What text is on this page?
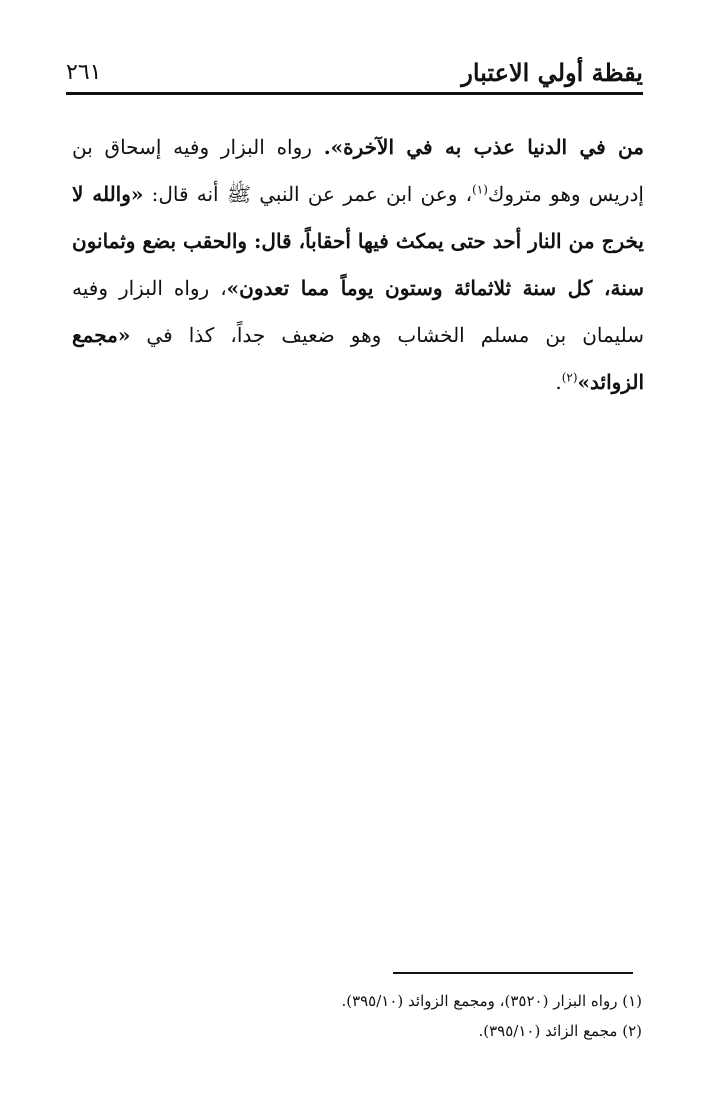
يقظة أولي الاعتبار
٢٦١

من في الدنيا عذب به في الآخرة». رواه البزار وفيه إسحاق بن إدريس وهو متروك$^{(١)}$، وعن ابن عمر عن النبي ﷺ أنه قال: «والله لا يخرج من النار أحد حتى يمكث فيها أحقاباً، قال: والحقب بضع وثمانون سنة، كل سنة ثلاثمائة وستون يوماً مما تعدون»، رواه البزار وفيه سليمان بن مسلم الخشاب وهو ضعيف جداً، كذا في «مجمع الزوائد»$^{(٢)}$.

(١) رواه البزار (٣٥٢٠)، ومجمع الزوائد (٣٩٥/١٠).
(٢) مجمع الزائد (٣٩٥/١٠).
